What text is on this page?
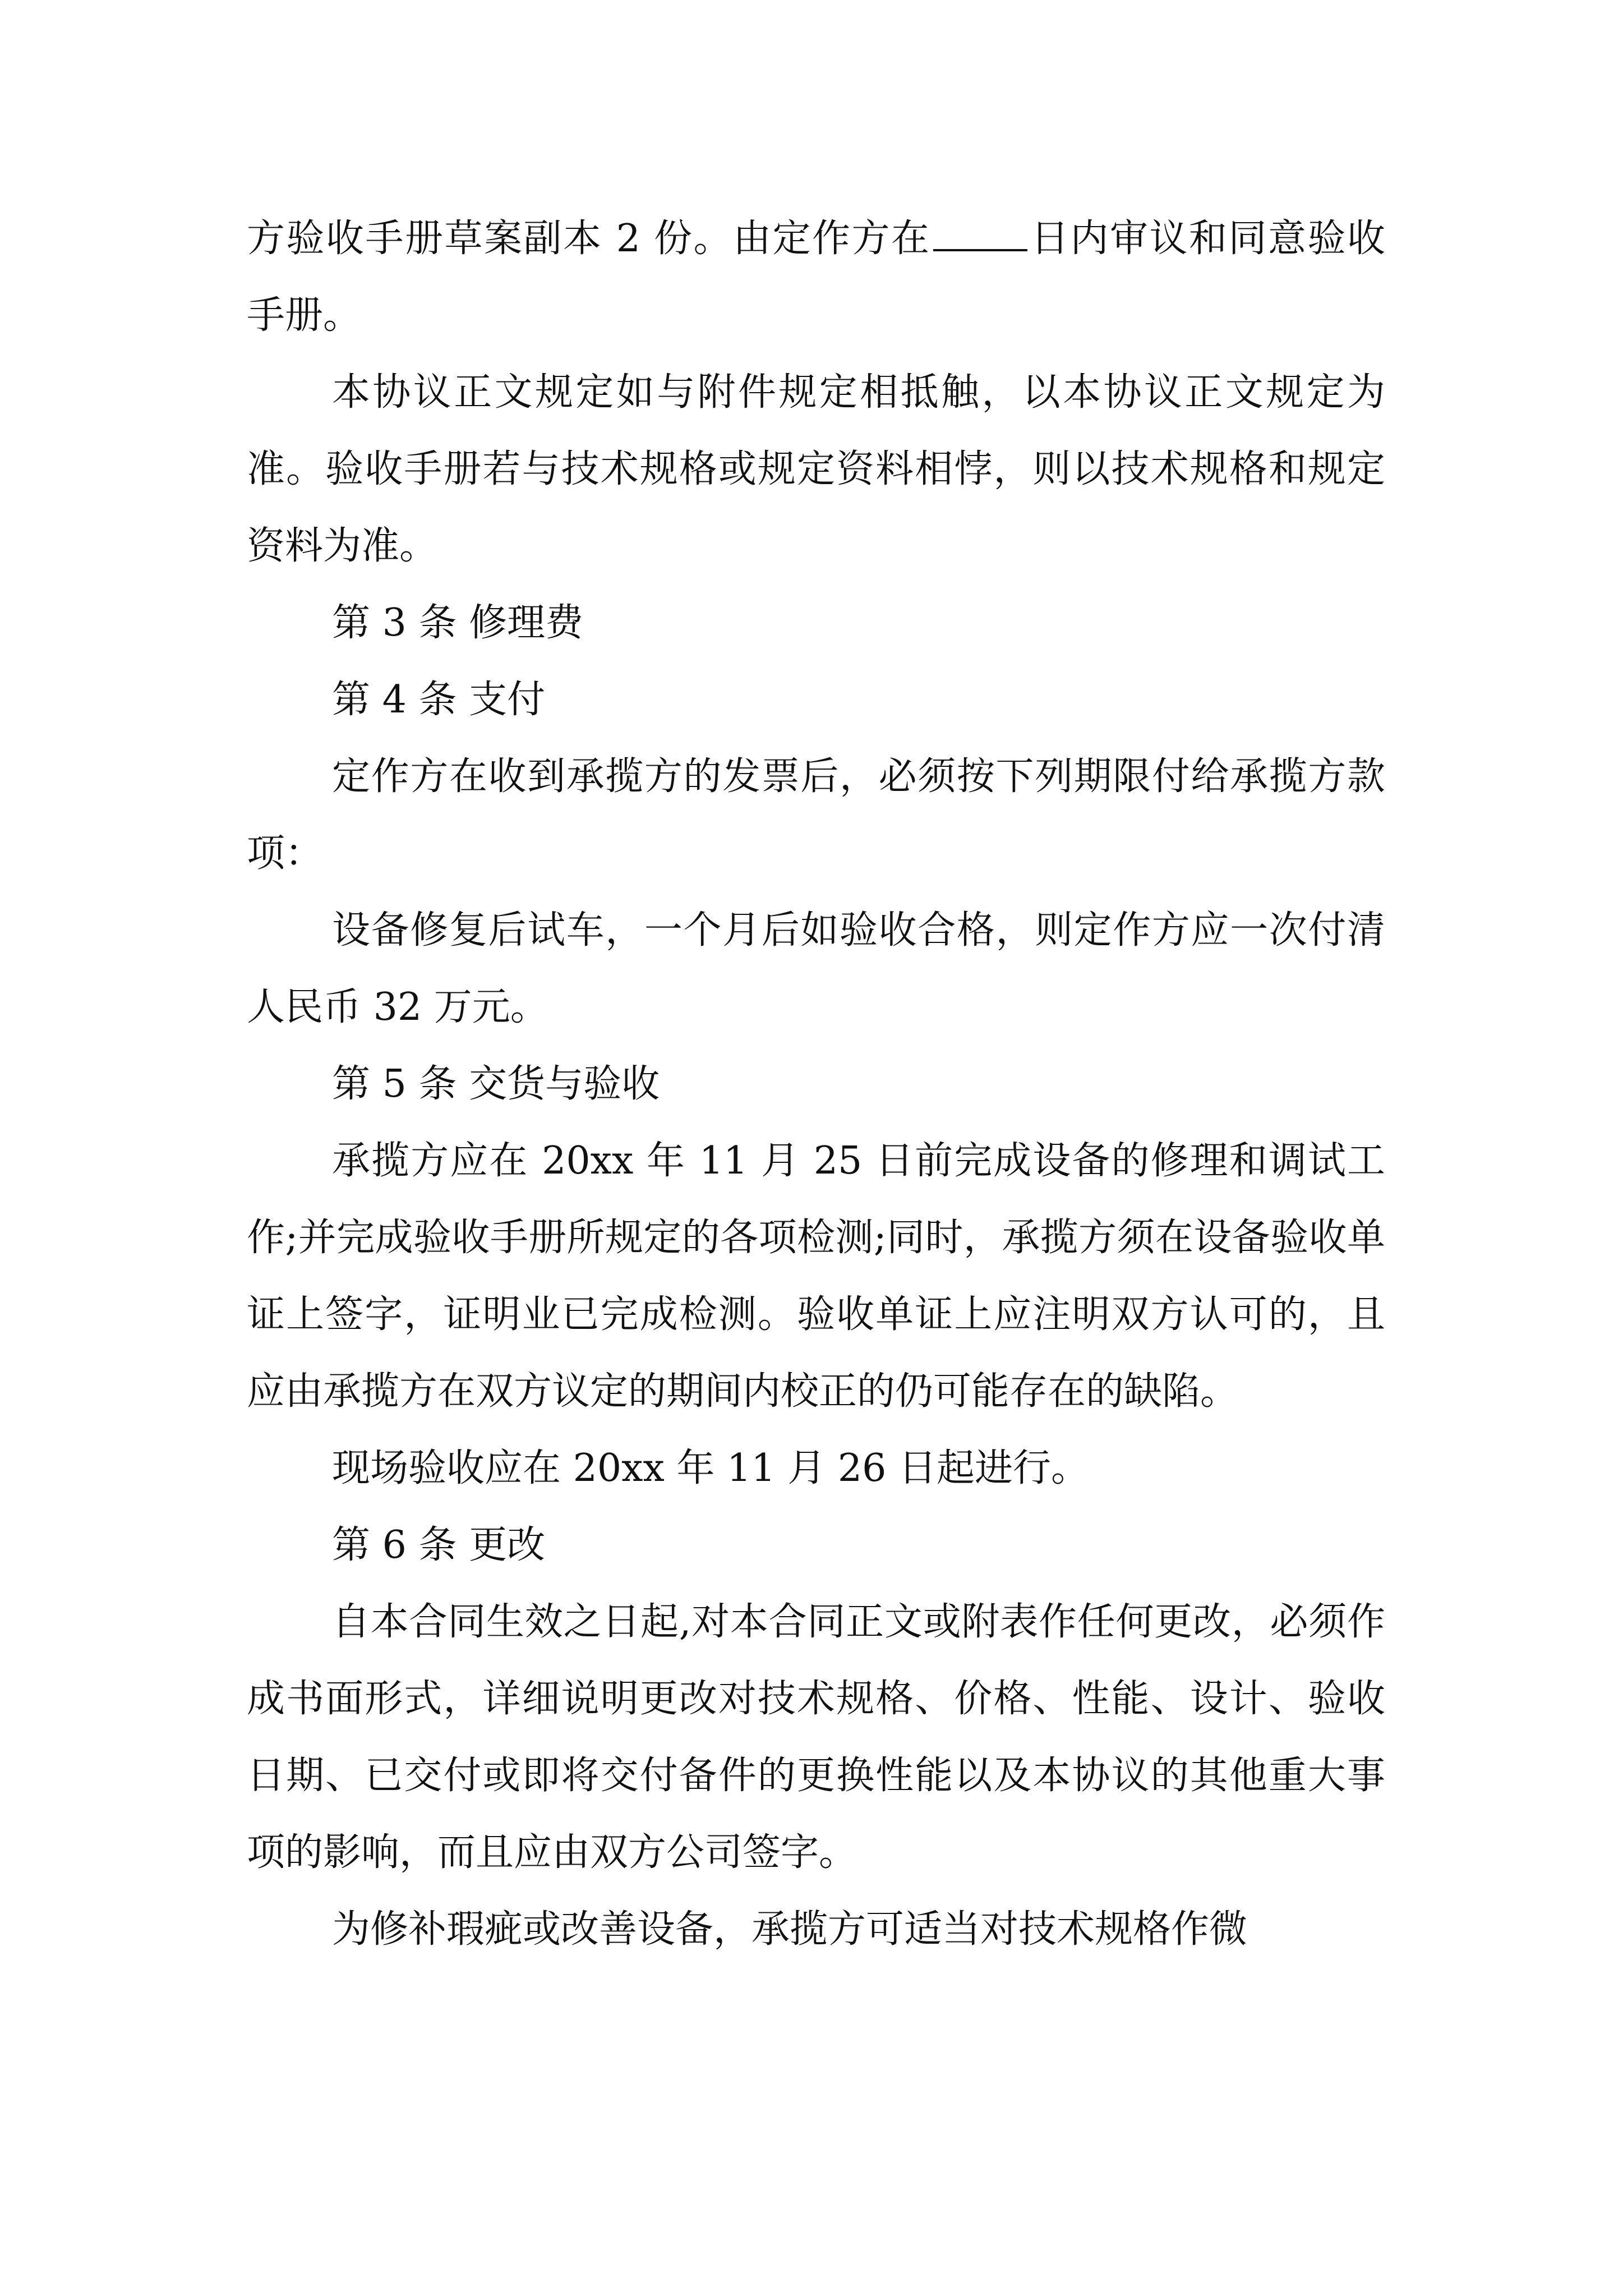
方验收手册草案副本 2 份。由定作方在	日内审议和同意验收手册。

本协议正文规定如与附件规定相抵触，以本协议正文规定为准。验收手册若与技术规格或规定资料相悖，则以技术规格和规定资料为准。

第 3 条 修理费

第 4 条 支付

定作方在收到承揽方的发票后，必须按下列期限付给承揽方款项：

设备修复后试车，一个月后如验收合格，则定作方应一次付清人民币 32 万元。

第 5 条 交货与验收

承揽方应在 20xx 年 11 月 25 日前完成设备的修理和调试工作;并完成验收手册所规定的各项检测;同时，承揽方须在设备验收单证上签字，证明业已完成检测。验收单证上应注明双方认可的，且应由承揽方在双方议定的期间内校正的仍可能存在的缺陷。

现场验收应在 20xx 年 11 月 26 日起进行。

第 6 条 更改

自本合同生效之日起,对本合同正文或附表作任何更改，必须作成书面形式，详细说明更改对技术规格、价格、性能、设计、验收日期、已交付或即将交付备件的更换性能以及本协议的其他重大事项的影响，而且应由双方公司签字。

为修补瑕疵或改善设备，承揽方可适当对技术规格作微
